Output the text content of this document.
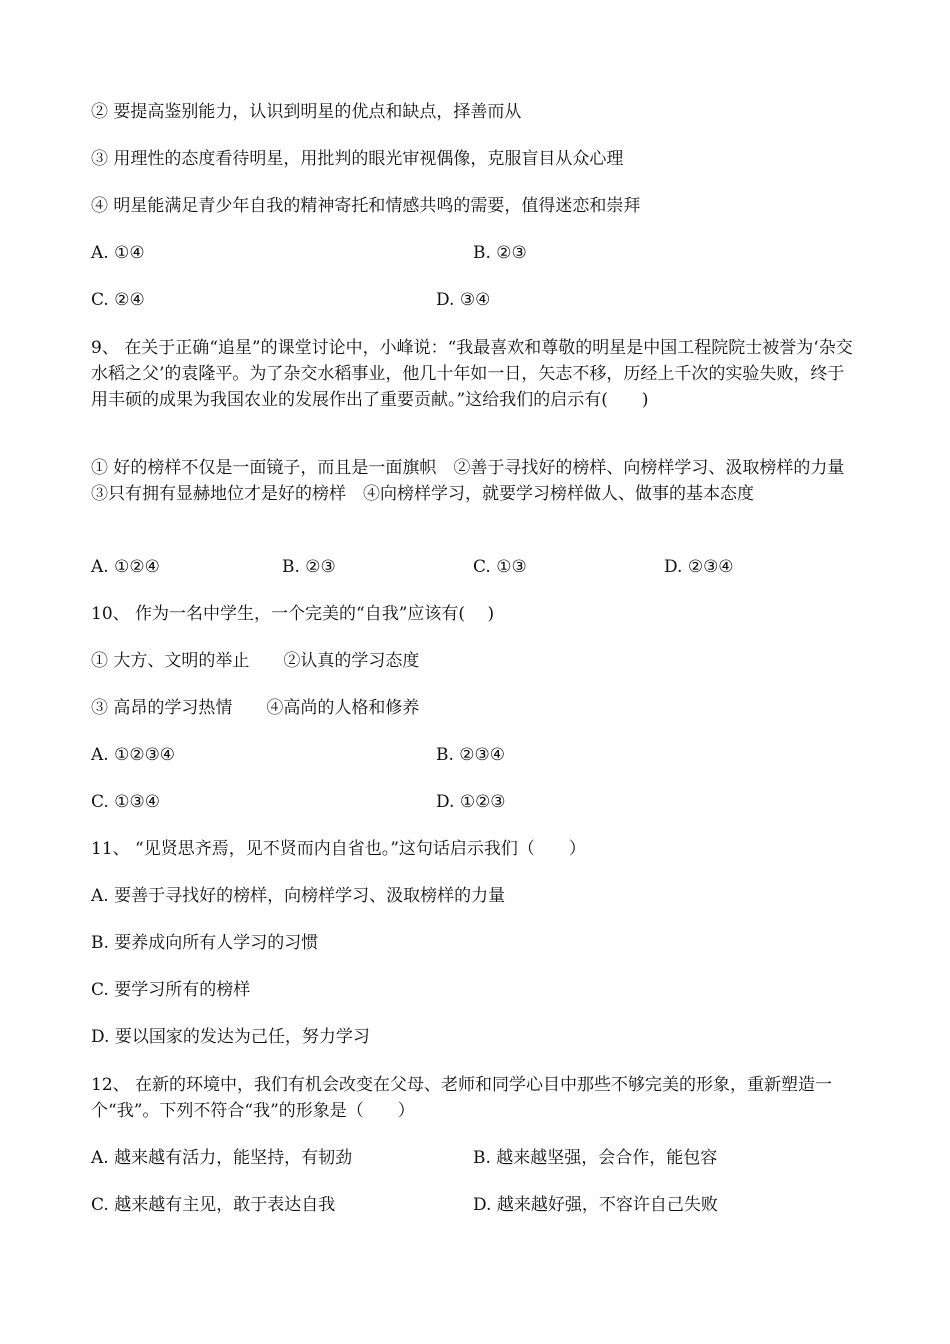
② 要提高鉴别能力，认识到明星的优点和缺点，择善而从
③ 用理性的态度看待明星，用批判的眼光审视偶像，克服盲目从众心理
④ 明星能满足青少年自我的精神寄托和情感共鸣的需要，值得迷恋和崇拜
A. ①④	B. ②③
C. ②④	D. ③④
9、 在关于正确“追星”的课堂讨论中，小峰说：“我最喜欢和尊敬的明星是中国工程院院士被誉为‘杂交水稻之父’的袁隆平。为了杂交水稻事业，他几十年如一日，矢志不移，历经上千次的实验失败，终于用丰硕的成果为我国农业的发展作出了重要贡献。”这给我们的启示有(　　)
① 好的榜样不仅是一面镜子，而且是一面旗帜　②善于寻找好的榜样、向榜样学习、汲取榜样的力量　③只有拥有显赫地位才是好的榜样　④向榜样学习，就要学习榜样做人、做事的基本态度
A. ①②④	B. ②③	C. ①③	D. ②③④
10、 作为一名中学生，一个完美的“自我”应该有(　 )
① 大方、文明的举止　　②认真的学习态度
③ 高昂的学习热情　　④高尚的人格和修养
A. ①②③④	B. ②③④
C. ①③④	D. ①②③
11、 “见贤思齐焉，见不贤而内自省也。”这句话启示我们（　　）
A. 要善于寻找好的榜样，向榜样学习、汲取榜样的力量
B. 要养成向所有人学习的习惯
C. 要学习所有的榜样
D. 要以国家的发达为己任，努力学习
12、 在新的环境中，我们有机会改变在父母、老师和同学心目中那些不够完美的形象，重新塑造一个“我”。下列不符合“我”的形象是（　　）
A. 越来越有活力，能坚持，有韧劲	B. 越来越坚强，会合作，能包容
C. 越来越有主见，敢于表达自我	D. 越来越好强，不容许自己失败
